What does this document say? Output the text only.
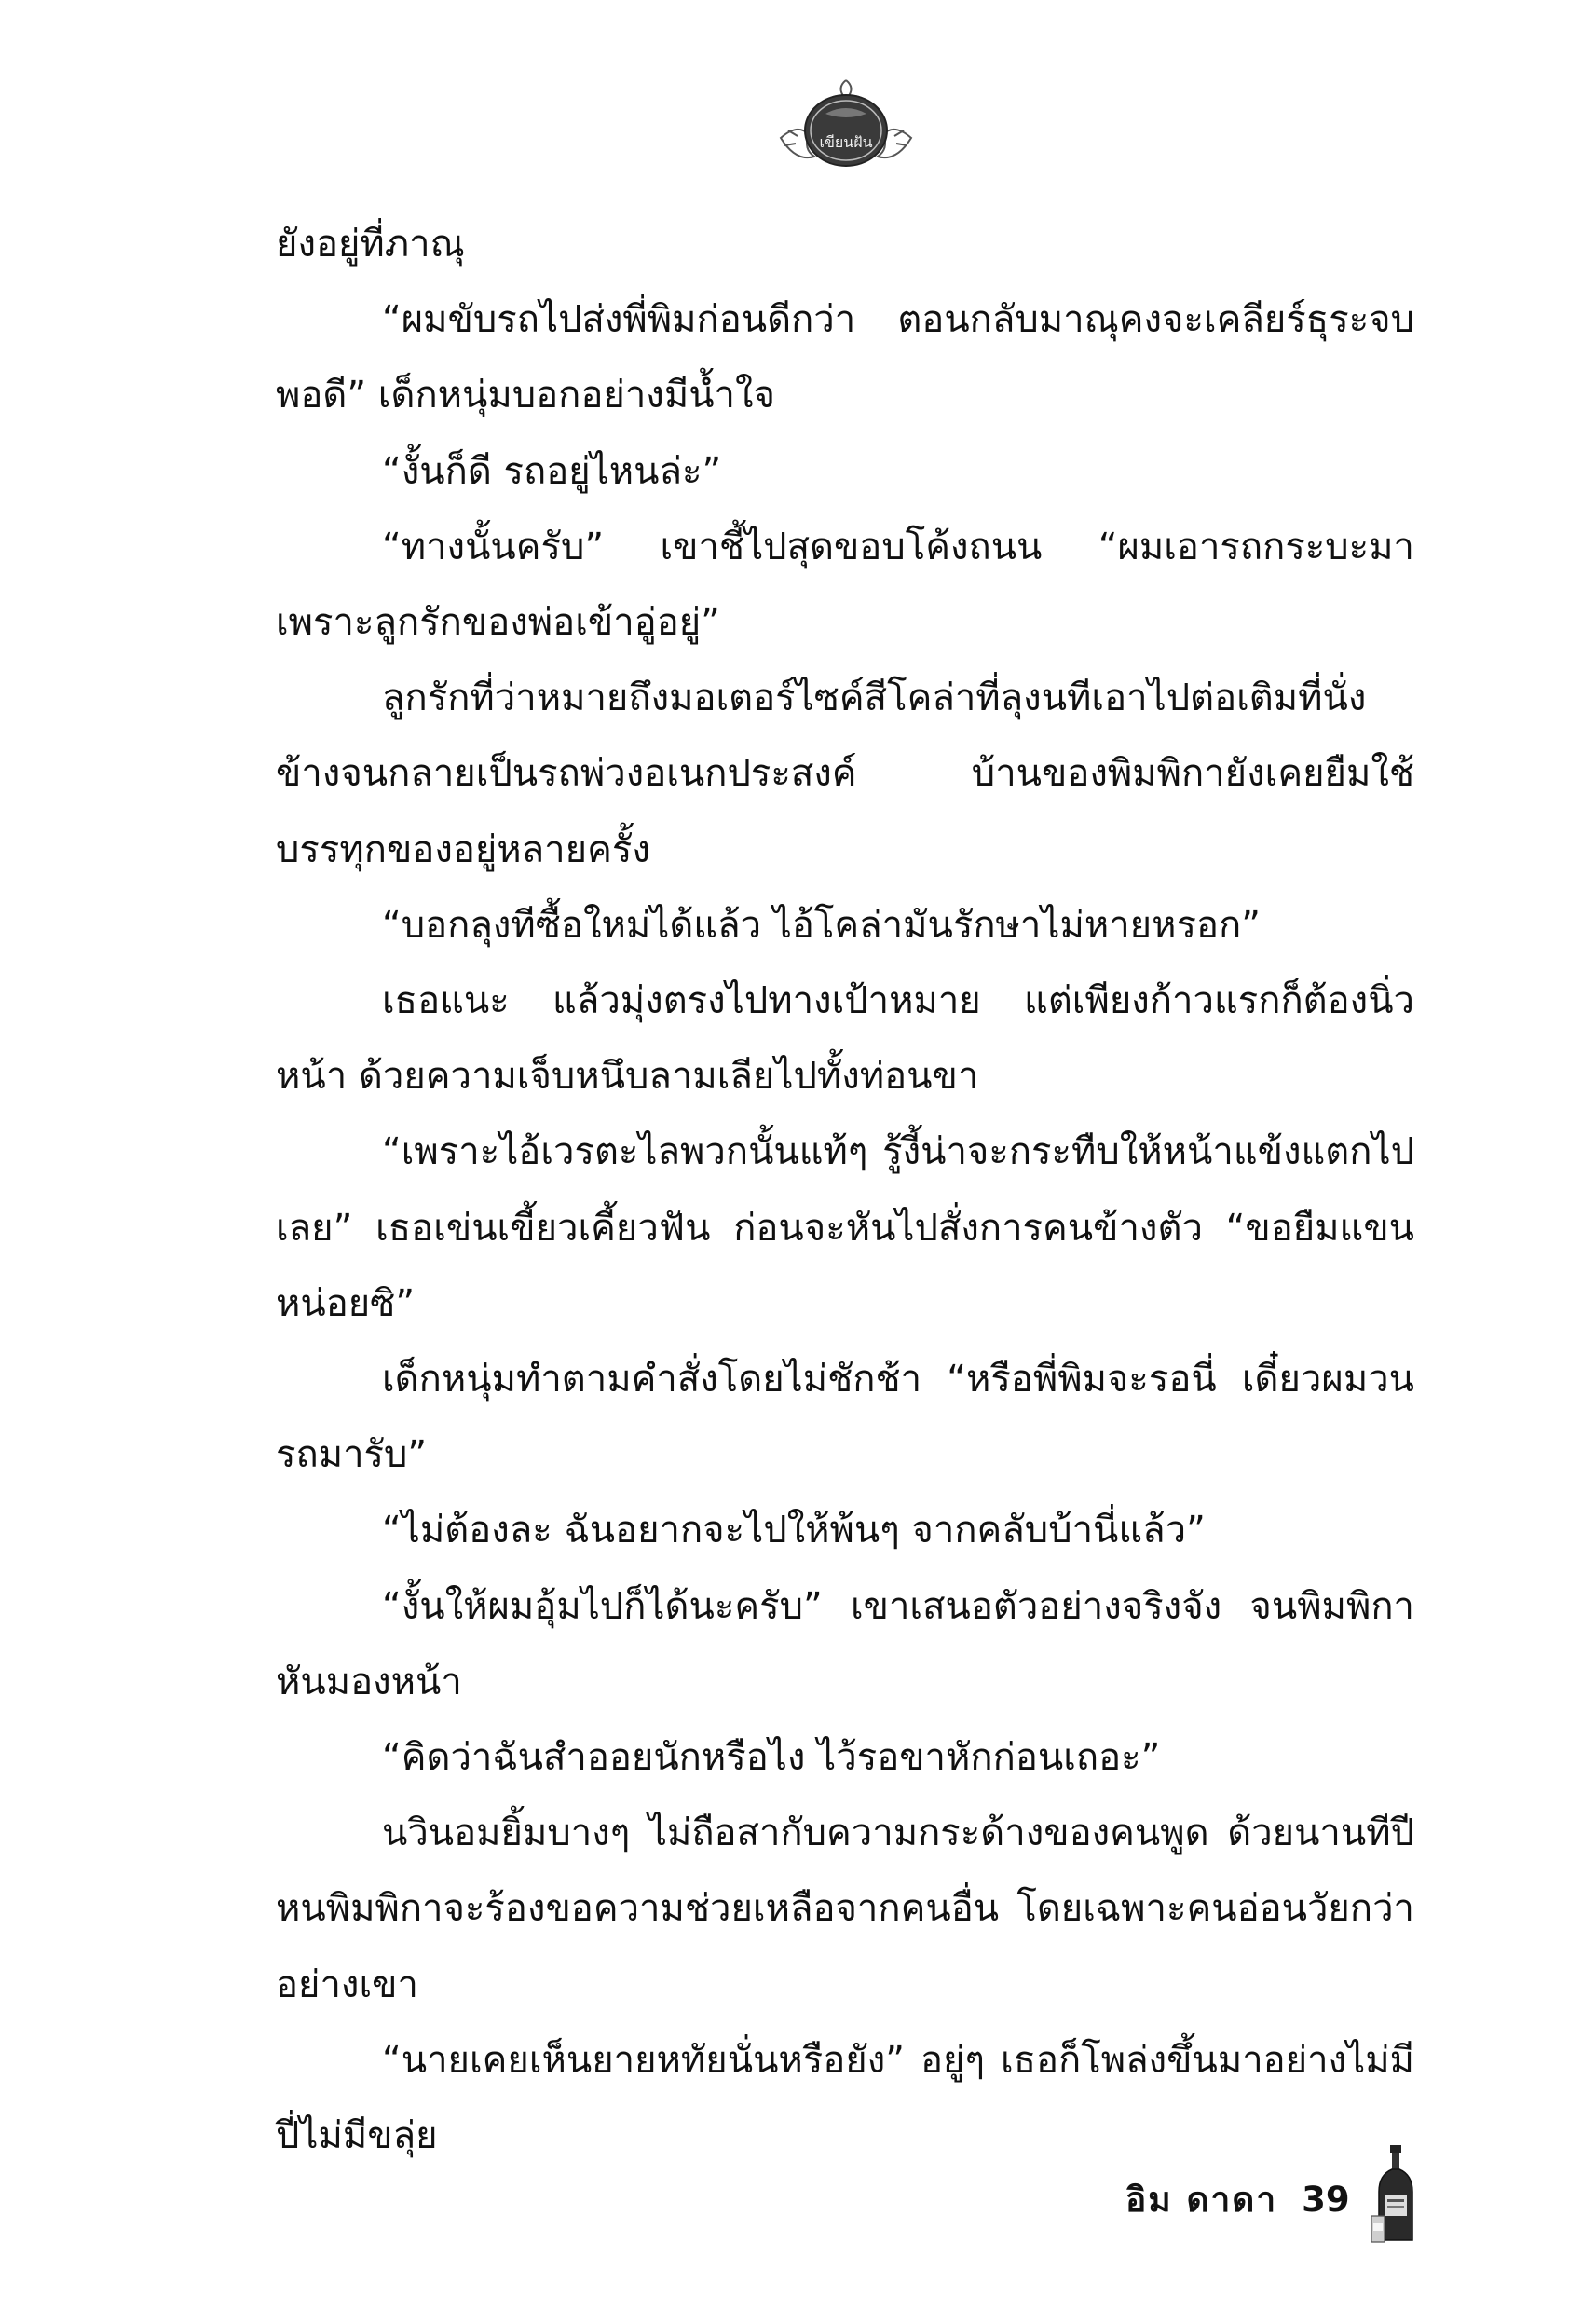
เขียนฝัน

ยังอยู่ที่ภาณุ

“ผมขับรถไปส่งพี่พิมก่อนดีกว่า ตอนกลับมาณุคงจะเคลียร์ธุระจบพอดี” เด็กหนุ่มบอกอย่างมีน้ำใจ

“งั้นก็ดี รถอยู่ไหนล่ะ”

“ทางนั้นครับ” เขาชี้ไปสุดขอบโค้งถนน “ผมเอารถกระบะมา เพราะลูกรักของพ่อเข้าอู่อยู่”

ลูกรักที่ว่าหมายถึงมอเตอร์ไซค์สีโคล่าที่ลุงนทีเอาไปต่อเติมที่นั่งข้างจนกลายเป็นรถพ่วงอเนกประสงค์ บ้านของพิมพิกายังเคยยืมใช้บรรทุกของอยู่หลายครั้ง

“บอกลุงทีซื้อใหม่ได้แล้ว ไอ้โคล่ามันรักษาไม่หายหรอก”

เธอแนะ แล้วมุ่งตรงไปทางเป้าหมาย แต่เพียงก้าวแรกก็ต้องนิ่วหน้า ด้วยความเจ็บหนึบลามเลียไปทั้งท่อนขา

“เพราะไอ้เวรตะไลพวกนั้นแท้ๆ รู้งี้น่าจะกระทืบให้หน้าแข้งแตกไปเลย” เธอเข่นเขี้ยวเคี้ยวฟัน ก่อนจะหันไปสั่งการคนข้างตัว “ขอยืมแขนหน่อยซิ”

เด็กหนุ่มทำตามคำสั่งโดยไม่ชักช้า “หรือพี่พิมจะรอนี่ เดี๋ยวผมวนรถมารับ”

“ไม่ต้องละ ฉันอยากจะไปให้พ้นๆ จากคลับบ้านี่แล้ว”

“งั้นให้ผมอุ้มไปก็ได้นะครับ” เขาเสนอตัวอย่างจริงจัง จนพิมพิกาหันมองหน้า

“คิดว่าฉันสำออยนักหรือไง ไว้รอขาหักก่อนเถอะ”

นวินอมยิ้มบางๆ ไม่ถือสากับความกระด้างของคนพูด ด้วยนานทีปีหนพิมพิกาจะร้องขอความช่วยเหลือจากคนอื่น โดยเฉพาะคนอ่อนวัยกว่าอย่างเขา

“นายเคยเห็นยายหทัยนั่นหรือยัง” อยู่ๆ เธอก็โพล่งขึ้นมาอย่างไม่มีปี่ไม่มีขลุ่ย

อิม ดาดา 39
